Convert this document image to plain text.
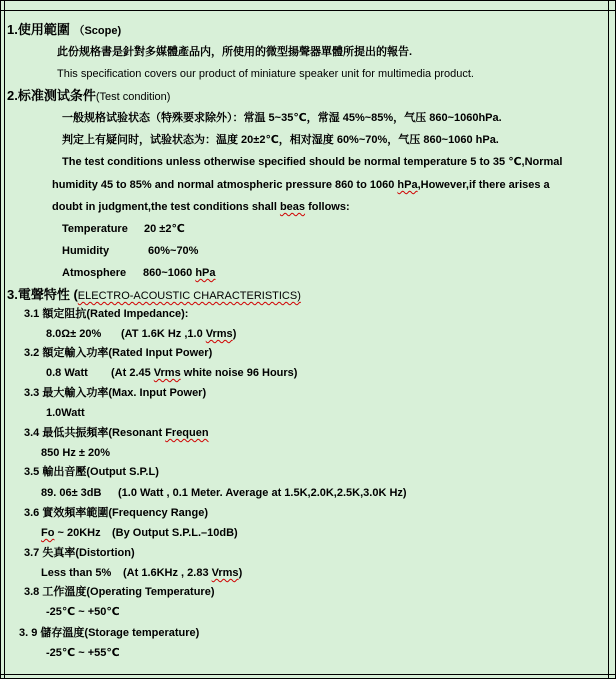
1.使用範圍 （Scope)
此份规格書是針對多媒體產品内，所使用的微型揚聲器單體所提出的報告.
This specification covers our product of miniature speaker unit for multimedia product.
2.标准测试条件(Test condition)
一般规格试验状态（特殊要求除外）：常温 5~35℃，常湿 45%~85%，气压 860~1060hPa.
判定上有疑问时，试验状态为：温度 20±2℃，相对湿度 60%~70%，气压 860~1060 hPa.
The test conditions unless otherwise specified should be normal temperature 5 to 35 ℃,Normal
humidity 45 to 85% and normal atmospheric pressure 860 to 1060 hPa,However,if there arises a
doubt in judgment,the test conditions shall beas follows:
Temperature 20 ±2℃
Humidity	60%~70%
Atmosphere 860~1060 hPa
3.電聲特性 (ELECTRO-ACOUSTIC CHARACTERISTICS)
3.1 額定阻抗(Rated Impedance):
8.0Ω± 20% (AT 1.6K Hz ,1.0 Vrms)
3.2 額定輸入功率(Rated Input Power)
0.8 Watt (At 2.45 Vrms white noise 96 Hours)
3.3 最大輸入功率(Max. Input Power)
1.0Watt
3.4 最低共振頻率(Resonant Frequen
850 Hz ± 20%
3.5 輸出音壓(Output S.P.L)
89. 06± 3dB (1.0 Watt , 0.1 Meter. Average at 1.5K,2.0K,2.5K,3.0K Hz)
3.6 實效頻率範圍(Frequency Range)
Fo ~ 20KHz (By Output S.P.L.–10dB)
3.7 失真率(Distortion)
Less than 5% (At 1.6KHz , 2.83 Vrms)
3.8 工作溫度(Operating Temperature)
-25℃ ~ +50℃
3. 9 儲存溫度(Storage temperature)
-25℃ ~ +55℃
